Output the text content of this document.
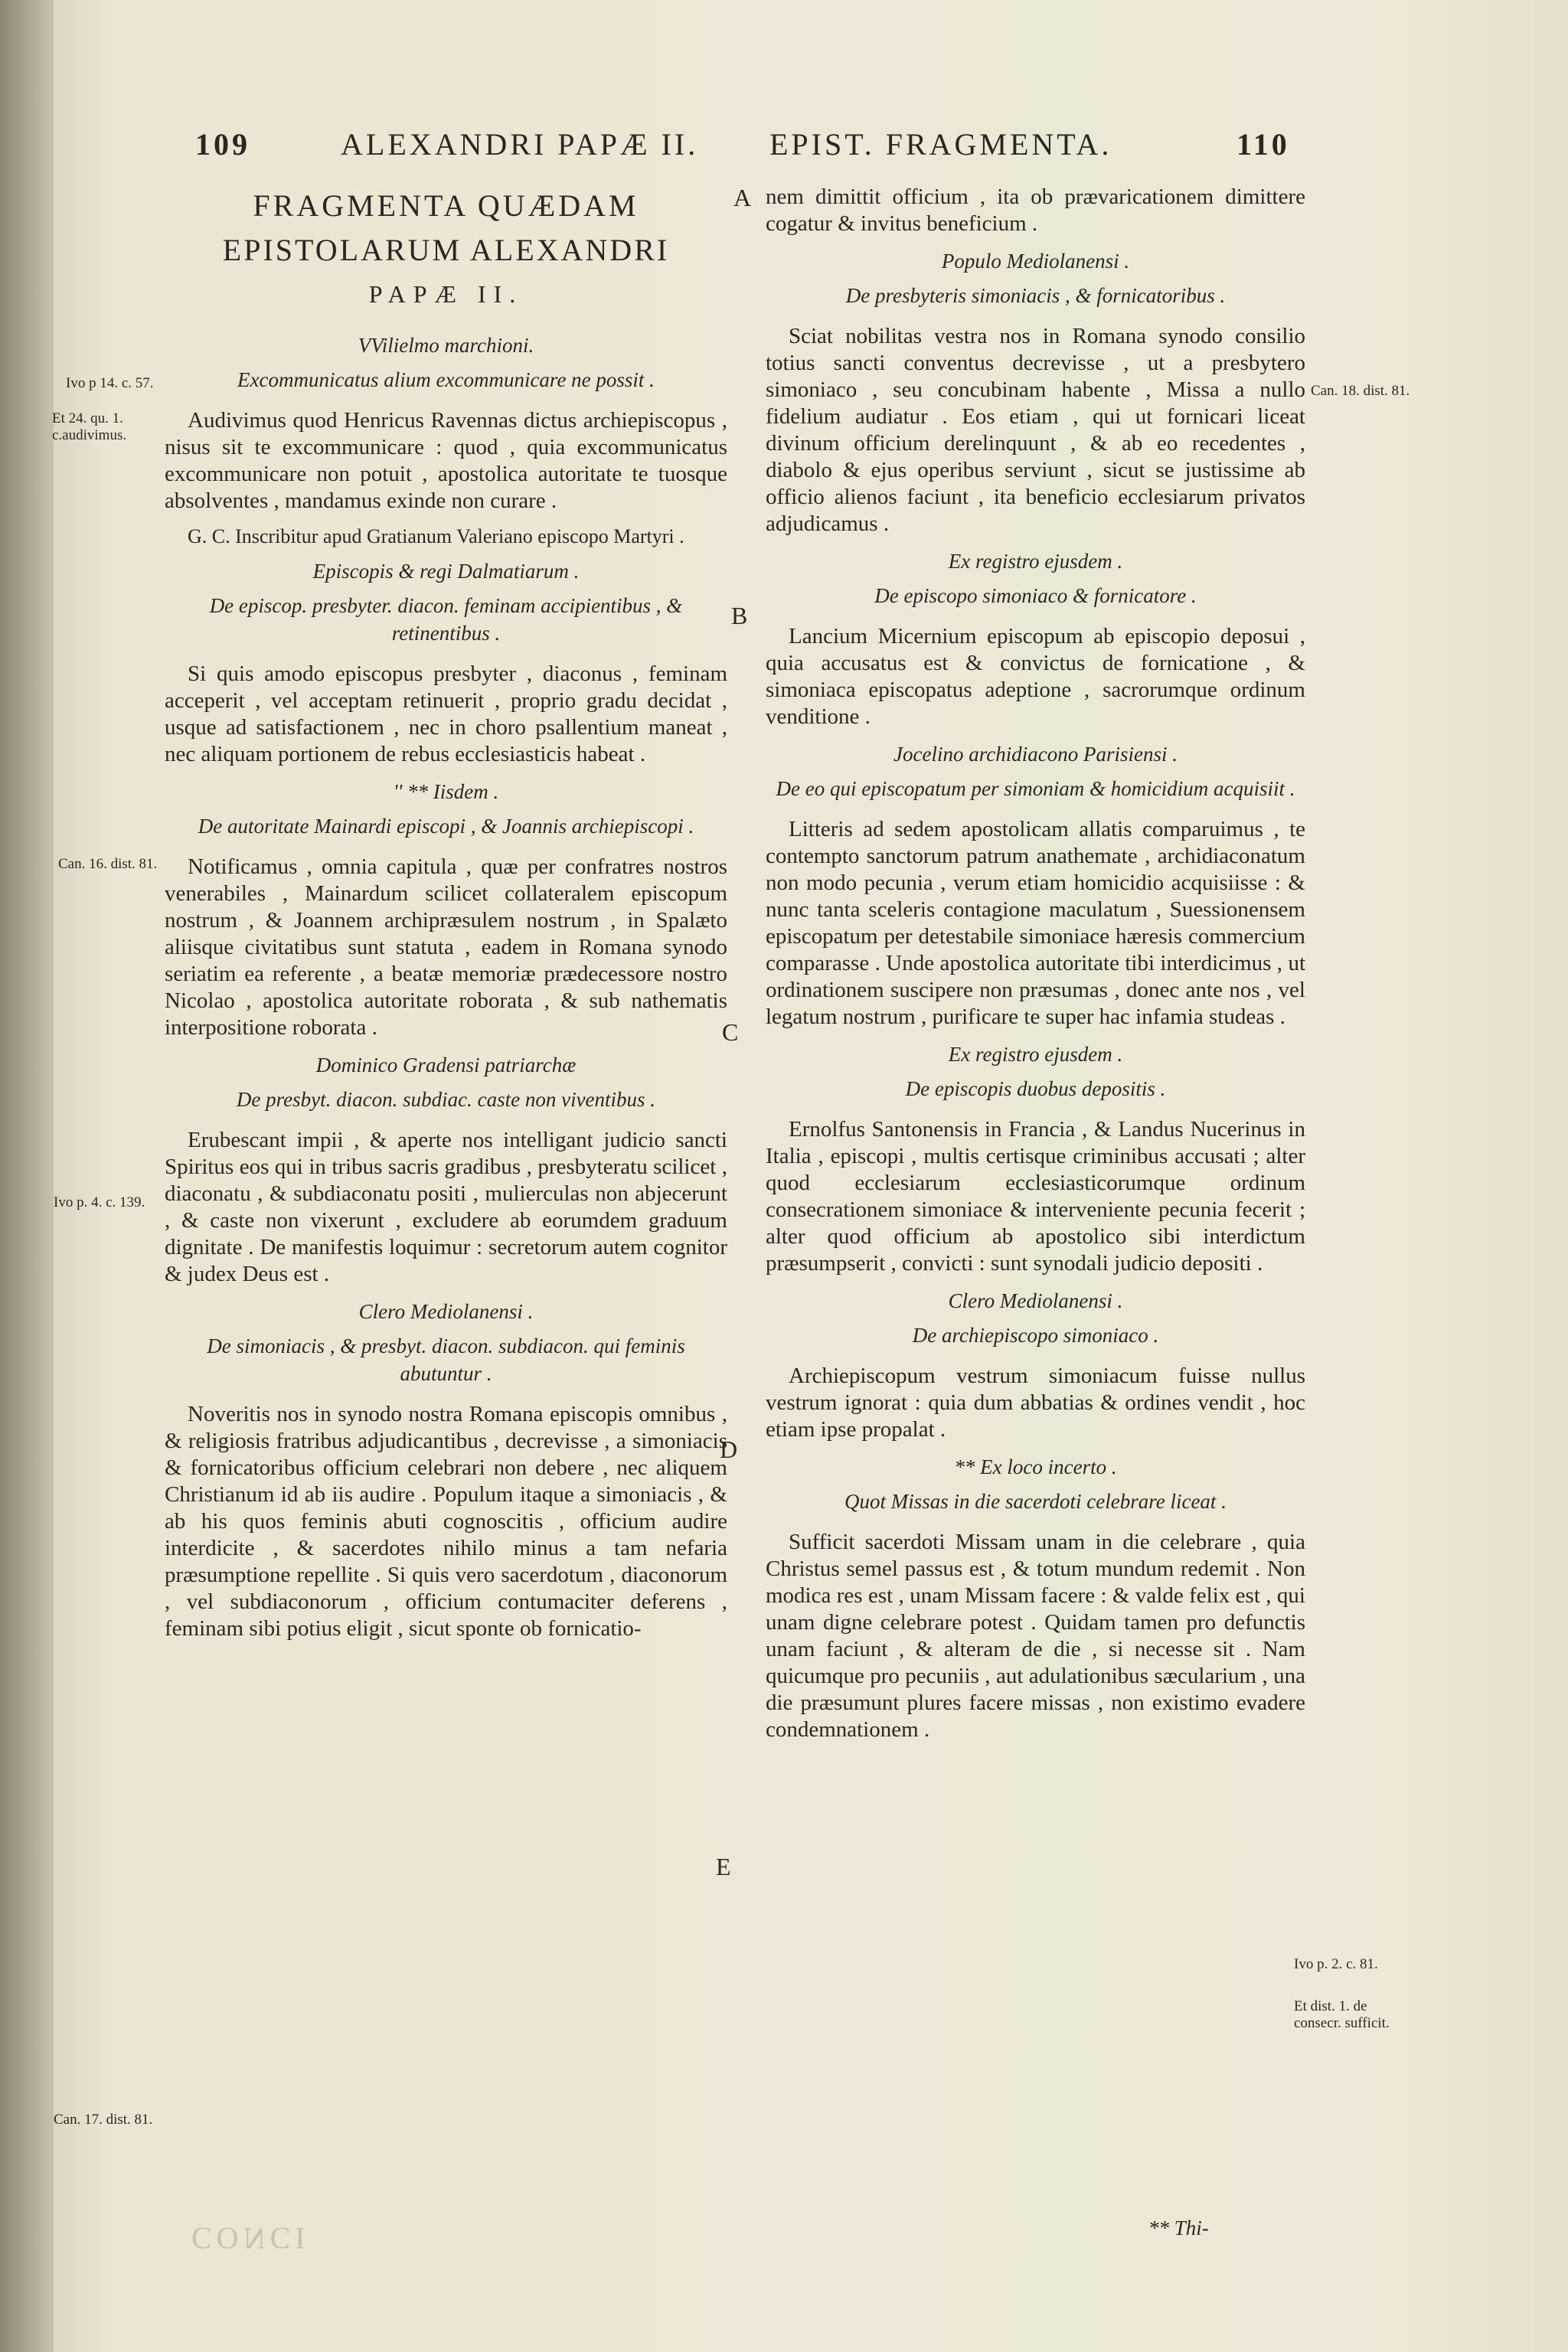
109	ALEXANDRI PAPÆ II. EPIST. FRAGMENTA.	110
FRAGMENTA QUÆDAM
EPISTOLARUM ALEXANDRI
PAPÆ II.
VVilielmo marchioni.
Excommunicatus alium excommunicare ne possit .

Audivimus quod Henricus Ravennas dictus archiepiscopus , nisus sit te excommunicare : quod , quia excommunicatus excommunicare non potuit , apostolica autoritate te tuosque absolventes , mandamus exinde non curare .

G. C. Inscribitur apud Gratianum Valeriano episcopo Martyri .

Episcopis & regi Dalmatiarum .
De episcop. presbyter. diacon. feminam accipientibus , & retinentibus .

Si quis amodo episcopus presbyter , diaconus , feminam acceperit , vel acceptam retinuerit , proprio gradu decidat , usque ad satisfactionem , nec in choro psallentium maneat , nec aliquam portionem de rebus ecclesiasticis habeat .

'' ** Iisdem .
De autoritate Mainardi episcopi , & Joannis archiepiscopi .

Notificamus , omnia capitula , quæ per confratres nostros venerabiles , Mainardum scilicet collateralem episcopum nostrum , & Joannem archipræsulem nostrum , in Spalæto aliisque civitatibus sunt statuta , eadem in Romana synodo seriatim ea referente , a beatæ memoriæ prædecessore nostro Nicolao , apostolica autoritate roborata , & sub nathematis interpositione roborata .

Dominico Gradensi patriarchæ
De presbyt. diacon. subdiac. caste non viventibus .

Erubescant impii , & aperte nos intelligant judicio sancti Spiritus eos qui in tribus sacris gradibus , presbyteratu scilicet , diaconatu , & subdiaconatu positi , mulierculas non abjecerunt , & caste non vixerunt , excludere ab eorumdem graduum dignitate . De manifestis loquimur : secretorum autem cognitor & judex Deus est .

Clero Mediolanensi .
De simoniacis , & presbyt. diacon. subdiacon. qui feminis abutuntur .

Noveritis nos in synodo nostra Romana episcopis omnibus , & religiosis fratribus adjudicantibus , decrevisse , a simoniacis & fornicatoribus officium celebrari non debere , nec aliquem Christianum id ab iis audire . Populum itaque a simoniacis , & ab his quos feminis abuti cognoscitis , officium audire interdicite , & sacerdotes nihilo minus a tam nefaria præsumptione repellite . Si quis vero sacerdotum , diaconorum , vel subdiaconorum , officium contumaciter deferens , feminam sibi potius eligit , sicut sponte ob fornicatio-

nem dimittit officium , ita ob prævaricationem dimittere cogatur & invitus beneficium .

Populo Mediolanensi .
De presbyteris simoniacis , & fornicatoribus .

Sciat nobilitas vestra nos in Romana synodo consilio totius sancti conventus decrevisse , ut a presbytero simoniaco , seu concubinam habente , Missa a nullo fidelium audiatur . Eos etiam , qui ut fornicari liceat divinum officium derelinquunt , & ab eo recedentes , diabolo & ejus operibus serviunt , sicut se justissime ab officio alienos faciunt , ita beneficio ecclesiarum privatos adjudicamus .

Ex registro ejusdem .
De episcopo simoniaco & fornicatore .

Lancium Micernium episcopum ab episcopio deposui , quia accusatus est & convictus de fornicatione , & simoniaca episcopatus adeptione , sacrorumque ordinum venditione .

Jocelino archidiacono Parisiensi .
De eo qui episcopatum per simoniam & homicidium acquisiit .

Litteris ad sedem apostolicam allatis comparuimus , te contempto sanctorum patrum anathemate , archidiaconatum non modo pecunia , verum etiam homicidio acquisiisse : & nunc tanta sceleris contagione maculatum , Suessionensem episcopatum per detestabile simoniace hæresis commercium comparasse . Unde apostolica autoritate tibi interdicimus , ut ordinationem suscipere non præsumas , donec ante nos , vel legatum nostrum , purificare te super hac infamia studeas .

Ex registro ejusdem .
De episcopis duobus depositis .

Ernolfus Santonensis in Francia , & Landus Nucerinus in Italia , episcopi , multis certisque criminibus accusati ; alter quod ecclesiarum ecclesiasticorumque ordinum consecrationem simoniace & interveniente pecunia fecerit ; alter quod officium ab apostolico sibi interdictum præsumpserit , convicti : sunt synodali judicio depositi .

Clero Mediolanensi .
De archiepiscopo simoniaco .

Archiepiscopum vestrum simoniacum fuisse nullus vestrum ignorat : quia dum abbatias & ordines vendit , hoc etiam ipse propalat .

** Ex loco incerto .
Quot Missas in die sacerdoti celebrare liceat .

Sufficit sacerdoti Missam unam in die celebrare , quia Christus semel passus est , & totum mundum redemit . Non modica res est , unam Missam facere : & valde felix est , qui unam digne celebrare potest . Quidam tamen pro defunctis unam faciunt , & alteram de die , si necesse sit . Nam quicumque pro pecuniis , aut adulationibus sæcularium , una die præsumunt plures facere missas , non existimo evadere condemnationem .

** Thi-
A
B
C
D
E
Ivo p 14. c. 57.
Et 24. qu. 1. c.audivimus.
Can. 16. dist. 81.
Ivo p. 4. c. 139.
Can. 17. dist. 81.
Can. 18. dist. 81.
Ivo p. 2. c. 81.
Et dist. 1. de consecr. sufficit.
CONCI
